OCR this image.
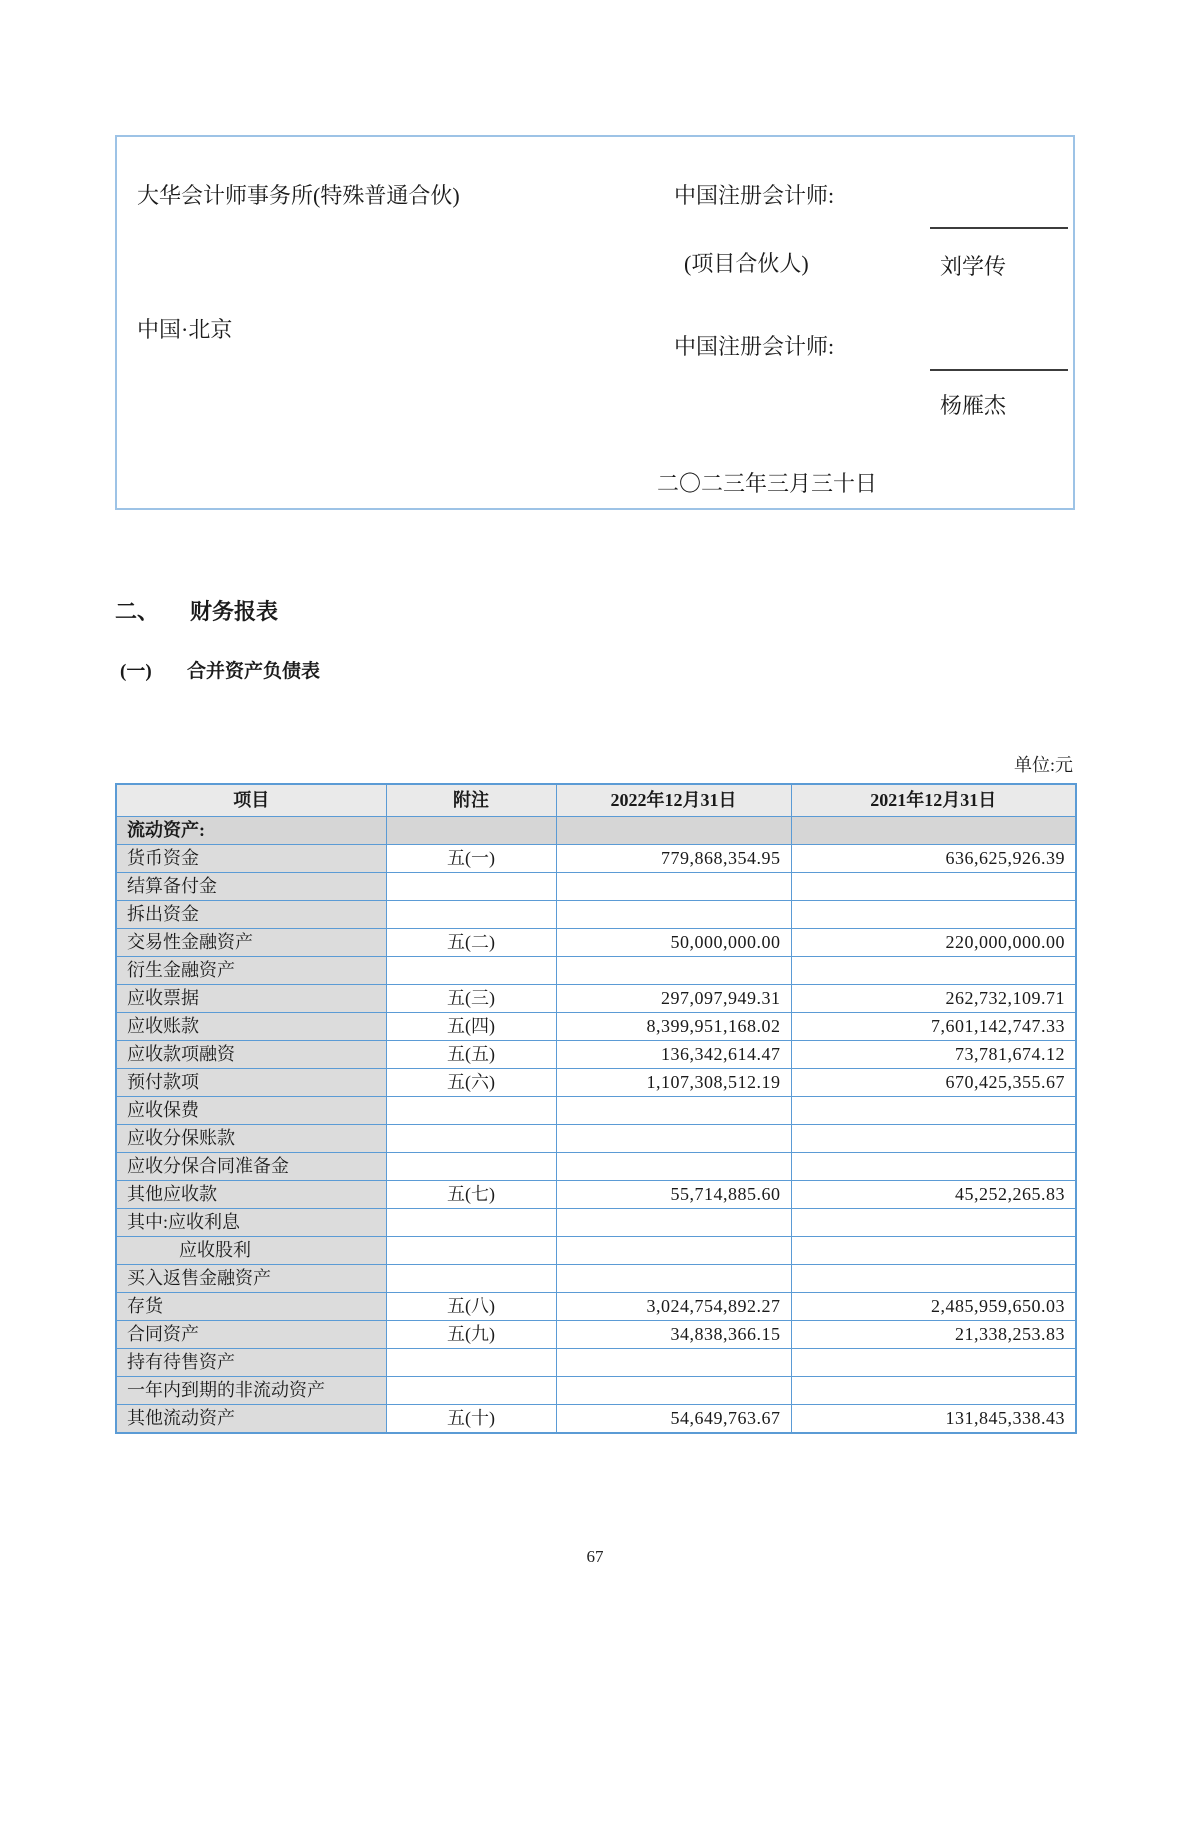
大华会计师事务所(特殊普通合伙)	中国注册会计师:
(项目合伙人)	刘学传
中国·北京
中国注册会计师:
杨雁杰
二〇二三年三月三十日
二、	财务报表
(一)	合并资产负债表
单位:元
项目	附注	2022年12月31日	2021年12月31日
流动资产:			
货币资金	五(一)	779,868,354.95	636,625,926.39
结算备付金			
拆出资金			
交易性金融资产	五(二)	50,000,000.00	220,000,000.00
衍生金融资产			
应收票据	五(三)	297,097,949.31	262,732,109.71
应收账款	五(四)	8,399,951,168.02	7,601,142,747.33
应收款项融资	五(五)	136,342,614.47	73,781,674.12
预付款项	五(六)	1,107,308,512.19	670,425,355.67
应收保费			
应收分保账款			
应收分保合同准备金			
其他应收款	五(七)	55,714,885.60	45,252,265.83
其中:应收利息			
应收股利			
买入返售金融资产			
存货	五(八)	3,024,754,892.27	2,485,959,650.03
合同资产	五(九)	34,838,366.15	21,338,253.83
持有待售资产			
一年内到期的非流动资产			
其他流动资产	五(十)	54,649,763.67	131,845,338.43
67
